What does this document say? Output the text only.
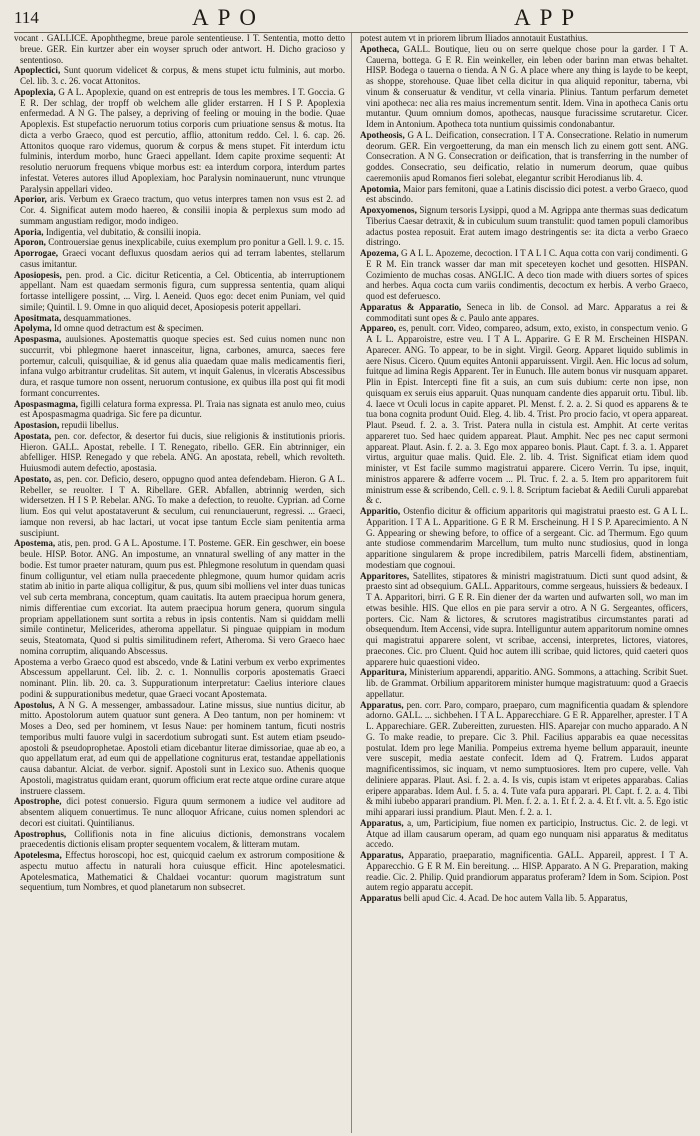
114	APO	APP

vocant . GALLICE. Apophthegme, breue parole sententieuse. I T. Sententia, motto detto breue. GER. Ein kurtzer aber ein woyser spruch oder antwort. H. Dicho gracioso y sententioso.

Apoplectici, Sunt quorum videlicet & corpus, & mens stupet ictu fulminis, aut morbo. Cel. lib. 3. c. 26. vocat Attonitos.

Apoplexia, G A L. Apoplexie, quand on est entrepris de tous les membres. I T. Goccia. G E R. Der schlag, der tropff ob welchem alle glider erstarren. H I S P. Apoplexia enfermedad. A N G. The palsey, a depriving of feeling or mouing in the bodie. Quae Apoplexis. Est stupefactio neruorum totius corporis cum priuatione sensus & motus. Ita dicta a verbo Graeco, quod est percutio, afflio, attonitum reddo. Cel. l. 6. cap. 26. Attonitos quoque raro videmus, quorum & corpus & mens stupet. Fit interdum ictu fulminis, interdum morbo, hunc Graeci appellant. Idem capite proxime sequenti: At resolutio neruorum frequens vbique morbus est: ea interdum corpora, interdum partes infestat. Veteres autores illud Apoplexiam, hoc Paralysin nominauerunt, nunc vtrunque Paralysin appellari video.

Aporior, aris. Verbum ex Graeco tractum, quo vetus interpres tamen non vsus est 2. ad Cor. 4. Significat autem modo haereo, & consilii inopia & perplexus sum modo ad summam angustiam redigor, modo indigeo.

Aporia, Indigentia, vel dubitatio, & consilii inopia.

Aporon, Controuersiae genus inexplicabile, cuius exemplum pro ponitur a Gell. l. 9. c. 15.

Aporrogae, Graeci vocant defluxus quosdam aerios qui ad terram labentes, stellarum casus imitantur.

Aposiopesis, pen. prod. a Cic. dicitur Reticentia, a Cel. Obticentia, ab interruptionem appellant. Nam est quaedam sermonis figura, cum suppressa sententia, quam aliqui fortasse intelligere possint, ... Virg. l. Aeneid. Quos ego: decet enim Puniam, vel quid simile; Quintil. l. 9. Omne in quo aliquid decet, Aposiopesis poterit appellari.

Apositmata, desquammationes.

Apolyma, Id omne quod detractum est & specimen.

Apospasma, auulsiones. Apostemattis quoque species est. Sed cuius nomen nunc non succurrit, vbi phlegmone haeret innasceitur, ligna, carbones, amurca, saeces fere portemur, calculi, quisquiliae, & id genus alia quaedam quae malis medicamentis fieri, infana vulgo arbitrantur crudelitas. Sit autem, vt inquit Galenus, in vlceratis Abscessibus dura, et rasque tumore non ossent, neruorum contusione, ex quibus illa post qui fit modi formant concurrentes.

Apospasmagma, figilli celatura forma expressa. Pl. Traia nas signata est anulo meo, cuius est Apospasmagma quadriga. Sic fere pa dicuntur.

Apostasion, repudii libellus.

Apostata, pen. cor. defector, & desertor fui ducis, siue religionis & institutionis prioris. Hieron. GALL. Apostat, rebelle. I T. Renegato, ribello. GER. Ein abtrinniger, ein abfelliger. HISP. Renegado y que rebela. ANG. An apostata, rebell, which revolteth. Huiusmodi autem defectio, apostasia.

Apostato, as, pen. cor. Deficio, desero, oppugno quod antea defendebam. Hieron. G A L. Rebeller, se reuolter. I T A. Ribellare. GER. Abfallen, abtrinnig werden, sich widersetzen. H I S P. Rebelar. ANG. To make a defection, to reuolte. Cyprian. ad Corne lium. Eos qui velut apostataverunt & seculum, cui renunciauerunt, regressi. ... Graeci, iamque non reversi, ab hac lactari, ut vocat ipse tantum Eccle siam penitentia arma suscipiunt.

Apostema, atis, pen. prod. G A L. Apostume. I T. Posteme. GER. Ein geschwer, ein boese beule. HISP. Botor. ANG. An impostume, an vnnatural swelling of any matter in the bodie. Est tumor praeter naturam, quum pus est. Phlegmone resolutum in quendam quasi finum colliguntur, vel etiam nulla praecedente phlegmone, quum humor quidam acris statim ab initio in parte aliqua colligitur, & pus, quum sibi molliens vel inter duas tunicas vel sub certa membrana, conceptum, quam cauitatis. Ita autem praecipua horum genera, nimis differentiae cum excoriat. Ita autem praecipua horum genera, quorum singula propriam appellationem sunt sortita a rebus in ipsis contentis. Nam si quiddam melli simile continetur, Melicerides, atheroma appellatur. Si pinguae quippiam in modum seuis, Steatomata, Quod si pultis similitudinem refert, Atheroma. Si vero Graeco haec nomina corruptim, aliquando Abscessus.

Apostema a verbo Graeco quod est abscedo, vnde & Latini verbum ex verbo exprimentes Abscessum appellarunt. Cel. lib. 2. c. 1. Nonnullis corporis apostematis Graeci nominant. Plin. lib. 20. ca. 3. Suppurationum interpretatur: Caelius interiore claues podini & suppurationibus medetur, quae Graeci vocant Apostemata.

Apostolus, A N G. A messenger, ambassadour. Latine missus, siue nuntius dicitur, ab mitto. Apostolorum autem quatuor sunt genera. A Deo tantum, non per hominem: vt Moses a Deo, sed per hominem, vt Iesus Naue: per hominem tantum, ficuti nostris temporibus multi fauore vulgi in sacerdotium subrogati sunt. Est autem etiam pseudo-apostoli & pseudoprophetae. Apostoli etiam dicebantur literae dimissoriae, quae ab eo, a quo appellatum erat, ad eum qui de appellatione cogniturus erat, testandae appellationis causa dabantur. Alciat. de verbor. signif. Apostoli sunt in Lexico suo. Athenis quoque Apostoli, magistratus quidam erant, quorum officium erat recte atque ordine curare atque instruere classem.

Apostrophe, dici potest conuersio. Figura quum sermonem a iudice vel auditore ad absentem aliquem conuertimus. Te nunc alloquor Africane, cuius nomen splendori ac decori est ciuitati. Quintilianus.

Apostrophus, Collifionis nota in fine alicuius dictionis, demonstrans vocalem praecedentis dictionis elisam propter sequentem vocalem, & litteram mutam.

Apotelesma, Effectus horoscopi, hoc est, quicquid caelum ex astrorum compositione & aspectu mutuo affectu in naturali hora cuiusque efficit. Hinc apotelesmatici. Apotelesmatica, Mathematici & Chaldaei vocantur: quorum magistratum sunt sequentium, tum Nombres, et quod planetarum non subsecret.

potest autem vt in priorem librum Iliados annotauit Eustathius.

Apotheca, GALL. Boutique, lieu ou on serre quelque chose pour la garder. I T A. Cauerna, bottega. G E R. Ein weinkeller, ein leben oder barinn man etwas behaltet. HISP. Bodega o tauerna o tienda. A N G. A place where any thing is layde to be keept, as shoppe, storehouse. Quae libet cella dicitur in qua aliquid reponitur, taberna, vbi vinum & conseruatur & venditur, vt cella vinaria. Plinius. Tantum perfarum demetet vini apotheca: nec alia res maius incrementum sentit. Idem. Vina in apotheca Canis ortu mutantur. Quum omnium domos, apothecas, nausque furacissime scrutaretur. Cicer. Idem in Antonium. Apotheca tota nuntium quissimis condonabantur.

Apotheosis, G A L. Deification, consecration. I T A. Consecratione. Relatio in numerum deorum. GER. Ein vergoetterung, da man ein mensch lich zu einem gott sent. ANG. Consecration. A N G. Consecration or deification, that is transferring in the number of goddes. Consecratio, seu deificatio, relatio in numerum deorum, quae quibus caeremoniis apud Romanos fieri solebat, elegantur scribit Herodianus lib. 4.

Apotomia, Maior pars femitoni, quae a Latinis discissio dici potest. a verbo Graeco, quod est abscindo.

Apoxyomenos, Signum tersoris Lysippi, quod a M. Agrippa ante thermas suas dedicatum Tiberius Caesar detraxit, & in cubiculum suum transtulit: quod tamen populi clamoribus adactus postea reposuit. Erat autem imago destringentis se: ita dicta a verbo Graeco distringo.

Apozema, G A L L. Apozeme, decoction. I T A L I C. Aqua cotta con varij condimenti. G E R M. Ein tranck wasser dar man mit speceteyen kochet und gesotten. HISPAN. Cozimiento de muchas cosas. ANGLIC. A deco tion made with diuers sortes of spices and herbes. Aqua cocta cum variis condimentis, decoctum ex herbis. A verbo Graeco, quod est deferuesco.

Apparatus & Apparatio, Seneca in lib. de Consol. ad Marc. Apparatus a rei & commoditati sunt opes & c. Paulo ante appares.

Appareo, es, penult. corr. Video, compareo, adsum, exto, existo, in conspectum venio. G A L L. Apparoistre, estre veu. I T A L. Apparire. G E R M. Erscheinen HISPAN. Aparecer. ANG. To appear, to be in sight. Virgil. Georg. Apparet liquido sublimis in aere Nisus. Cicero. Quum equites Antonii apparuissent. Virgil. Aen. Hic locus ad solum, fuitque ad limina Regis Apparent. Ter in Eunuch. Ille autem bonus vir nusquam apparet. Plin in Epist. Intercepti fine fit a suis, an cum suis dubium: certe non ipse, non quisquam ex seruis eius apparuit. Quas nunquam candente dies apparuit ortu. Tibul. lib. 4. Iaece vt Oculi locus in capite apparet. Pl. Menst. f. 2. a. 2. Si quod es apparens & te tua bona cognita produnt Ouid. Eleg. 4. lib. 4. Trist. Pro procio facio, vt opera appareat. Plaut. Pseud. f. 2. a. 3. Trist. Patera nulla in cistula est. Amphit. At certe veritas appareret tuo. Sed haec quidem appareat. Plaut. Amphit. Nec pes nec caput sermoni appareat. Plaut. Asin. f. 2. a. 3. Ego mox appareo bonis. Plaut. Capt. f. 3. a. 1. Apparet virtus, arguitur quae malis. Quid. Ele. 2. lib. 4. Trist. Significat etiam idem quod minister, vt Est facile summo magistratui apparere. Cicero Verrin. Tu ipse, inquit, ministros apparere & adferre vocem ... Pl. Truc. f. 2. a. 5. Item pro apparitorem fuit ministrum esse & scribendo, Cell. c. 9. l. 8. Scriptum faciebat & Aedili Curuli apparebat & c.

Apparitio, Ostenfio dicitur & officium apparitoris qui magistratui praesto est. G A L L. Apparition. I T A L. Apparitione. G E R M. Erscheinung. H I S P. Aparecimiento. A N G. Appearing or shewing before, to office of a sergeant. Cic. ad Thermum. Ego quum ante studiose commendarim Marcellum, tum multo nunc studiosius, quod in longa apparitione singularem & prope incredibilem, patris Marcelli fidem, abstinentiam, modestiam que cognoui.

Apparitores, Satellites, stipatores & ministri magistratuum. Dicti sunt quod adsint, & praesto sint ad obsequium. GALL. Apparitours, comme sergeaus, huissiers & bedeaux. I T A. Apparitori, birri. G E R. Ein diener der da warten und aufwarten soll, wo man im etwas besihle. HIS. Que ellos en pie para servir a otro. A N G. Sergeantes, officers, porters. Cic. Nam & lictores, & scrutores magistratibus circumstantes parati ad obsequendum. Item Accensi, vide supra. Intelliguntur autem apparitorum nomine omnes qui magistratui apparere solent, vt scribae, accensi, interpretes, lictores, viatores, praecones. Cic. pro Cluent. Quid hoc autem illi scribae, quid lictores, quid caeteri quos apparere huic quaestioni video.

Apparitura, Ministerium apparendi, apparitio. ANG. Sommons, a attaching. Scribit Suet. lib. de Grammat. Orbilium apparitorem minister humque magistratuum: quod a Graecis appellatur.

Apparatus, pen. corr. Paro, comparo, praeparo, cum magnificentia quadam & splendore adorno. GALL. ... sichbehen. I T A L. Apparecchiare. G E R. Apparelher, aprester. I T A L. Apparechiare. GER. Zubereitten, zuruesten. HIS. Aparejar con mucho apparado. A N G. To make readie, to prepare. Cic 3. Phil. Facilius apparabis ea quae necessitas postulat. Idem pro lege Manilia. Pompeius extrema hyeme bellum apparauit, ineunte vere suscepit, media aestate confecit. Idem ad Q. Fratrem. Ludos apparat magnificentissimos, sic inquam, vt nemo sumptuosiores. Item pro cupere, velle. Vah deliniere apparas. Plaut. Asi. f. 2. a. 4. Is vis, cupis istam vt eripetes apparabas. Calias eripere apparabas. Idem Aul. f. 5. a. 4. Tute vafa pura apparari. Pl. Capt. f. 2. a. 4. Tibi & mihi iubebo apparari prandium. Pl. Men. f. 2. a. 1. Et f. 2. a. 4. Et f. vlt. a. 5. Ego istic mihi apparari iussi prandium. Plaut. Men. f. 2. a. 1.

Apparatus, a, um, Participium, fiue nomen ex participio, Instructus. Cic. 2. de legi. vt Atque ad illam causarum operam, ad quam ego nunquam nisi apparatus & meditatus accedo.

Apparatus, Apparatio, praeparatio, magnificentia. GALL. Appareil, apprest. I T A. Apparecchio. G E R M. Ein bereitung. ... HISP. Apparato. A N G. Preparation, making readie. Cic. 2. Philip. Quid prandiorum apparatus proferam? Idem in Som. Scipion. Post autem regio apparatu accepit.

Apparatus belli apud Cic. 4. Acad. De hoc autem Valla lib. 5. Apparatus,
